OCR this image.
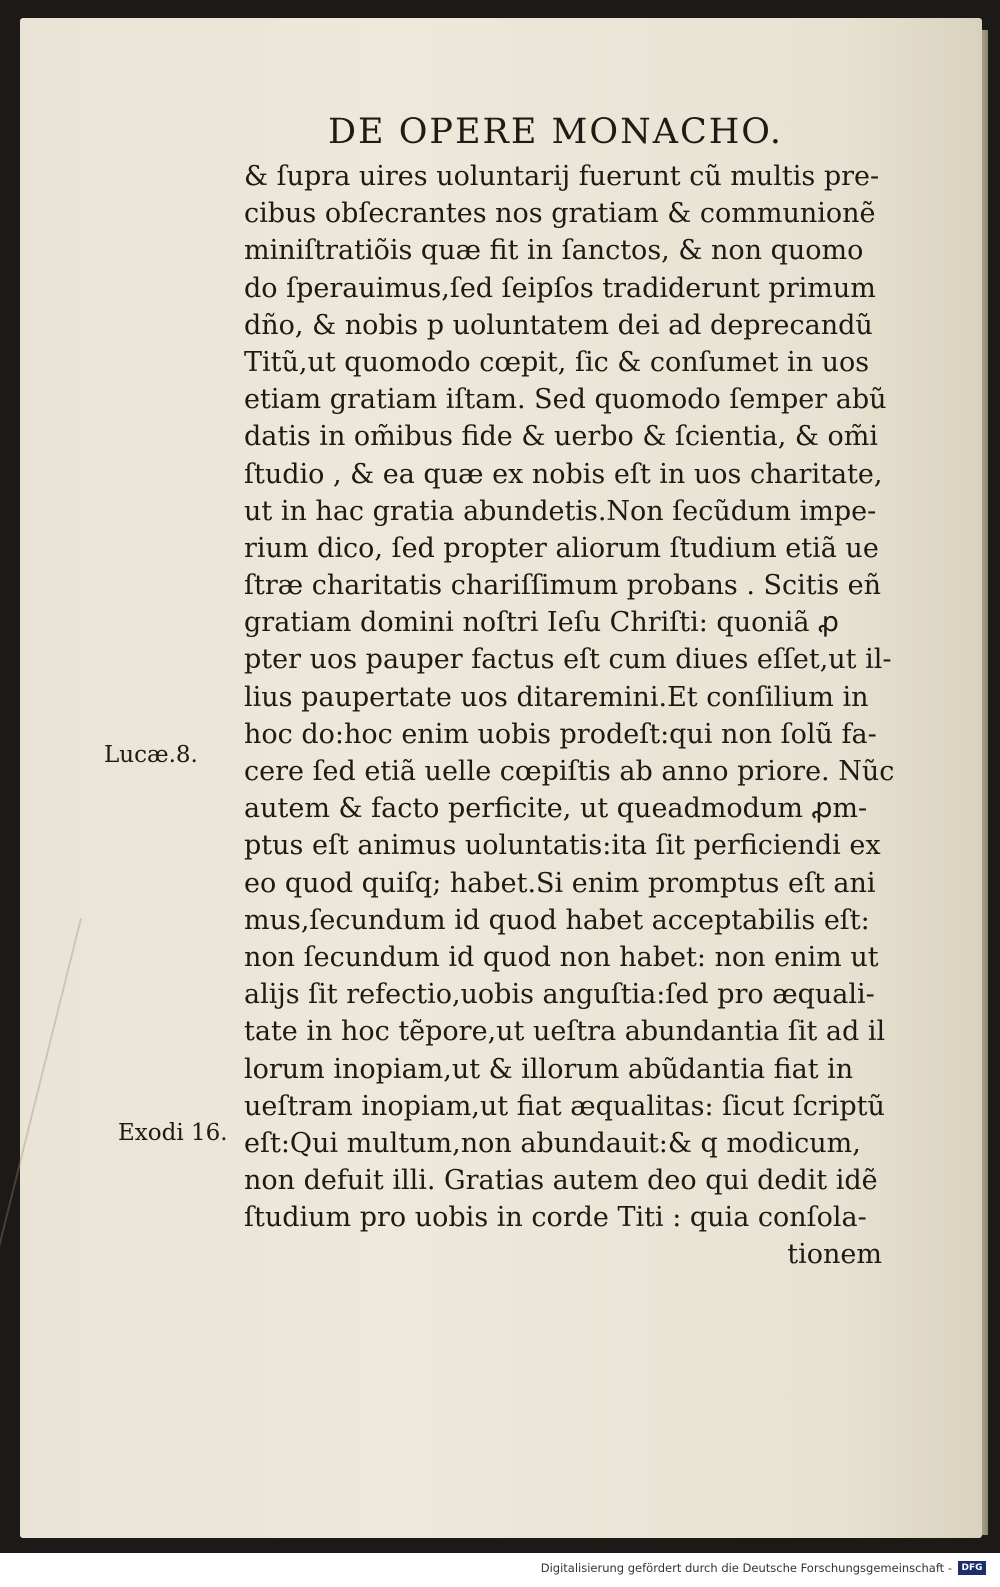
DE OPERE MONACHO.
& ſupra uires uoluntarij fuerunt cũ multis pre-
cibus obſecrantes nos gratiam & communionẽ
miniſtratiõis quæ fit in ſanctos, & non quomo
do ſperauimus,ſed ſeipſos tradiderunt primum
dño, & nobis p uoluntatem dei ad deprecandũ
Titũ,ut quomodo cœpit, ſic & conſumet in uos
etiam gratiam iſtam. Sed quomodo ſemper abũ
datis in om̃ibus fide & uerbo & ſcientia, & om̃i
ſtudio , & ea quæ ex nobis eſt in uos charitate,
ut in hac gratia abundetis.Non ſecũdum impe-
rium dico, ſed propter aliorum ſtudium etiã ue
ſtræ charitatis chariſſimum probans . Scitis eñ
gratiam domini noſtri Ieſu Chriſti: quoniã ꝓ
pter uos pauper factus eſt cum diues eſſet,ut il-
lius paupertate uos ditaremini.Et conſilium in
hoc do:hoc enim uobis prodeſt:qui non ſolũ fa-
cere ſed etiã uelle cœpiſtis ab anno priore. Nũc
autem & facto perficite, ut queadmodum ꝓm-
ptus eſt animus uoluntatis:ita ſit perficiendi ex
eo quod quiſq; habet.Si enim promptus eſt ani
mus,ſecundum id quod habet acceptabilis eſt:
non ſecundum id quod non habet: non enim ut
alijs ſit refectio,uobis anguſtia:ſed pro æquali-
tate in hoc tẽpore,ut ueſtra abundantia ſit ad il
lorum inopiam,ut & illorum abũdantia fiat in
ueſtram inopiam,ut fiat æqualitas: ſicut ſcriptũ
eſt:Qui multum,non abundauit:& q modicum,
non defuit illi. Gratias autem deo qui dedit idẽ
ſtudium pro uobis in corde Titi : quia conſola-
tionem
Lucæ.8.
Exodi 16.
Digitalisierung gefördert durch die Deutsche Forschungsgemeinschaft -	DFG
